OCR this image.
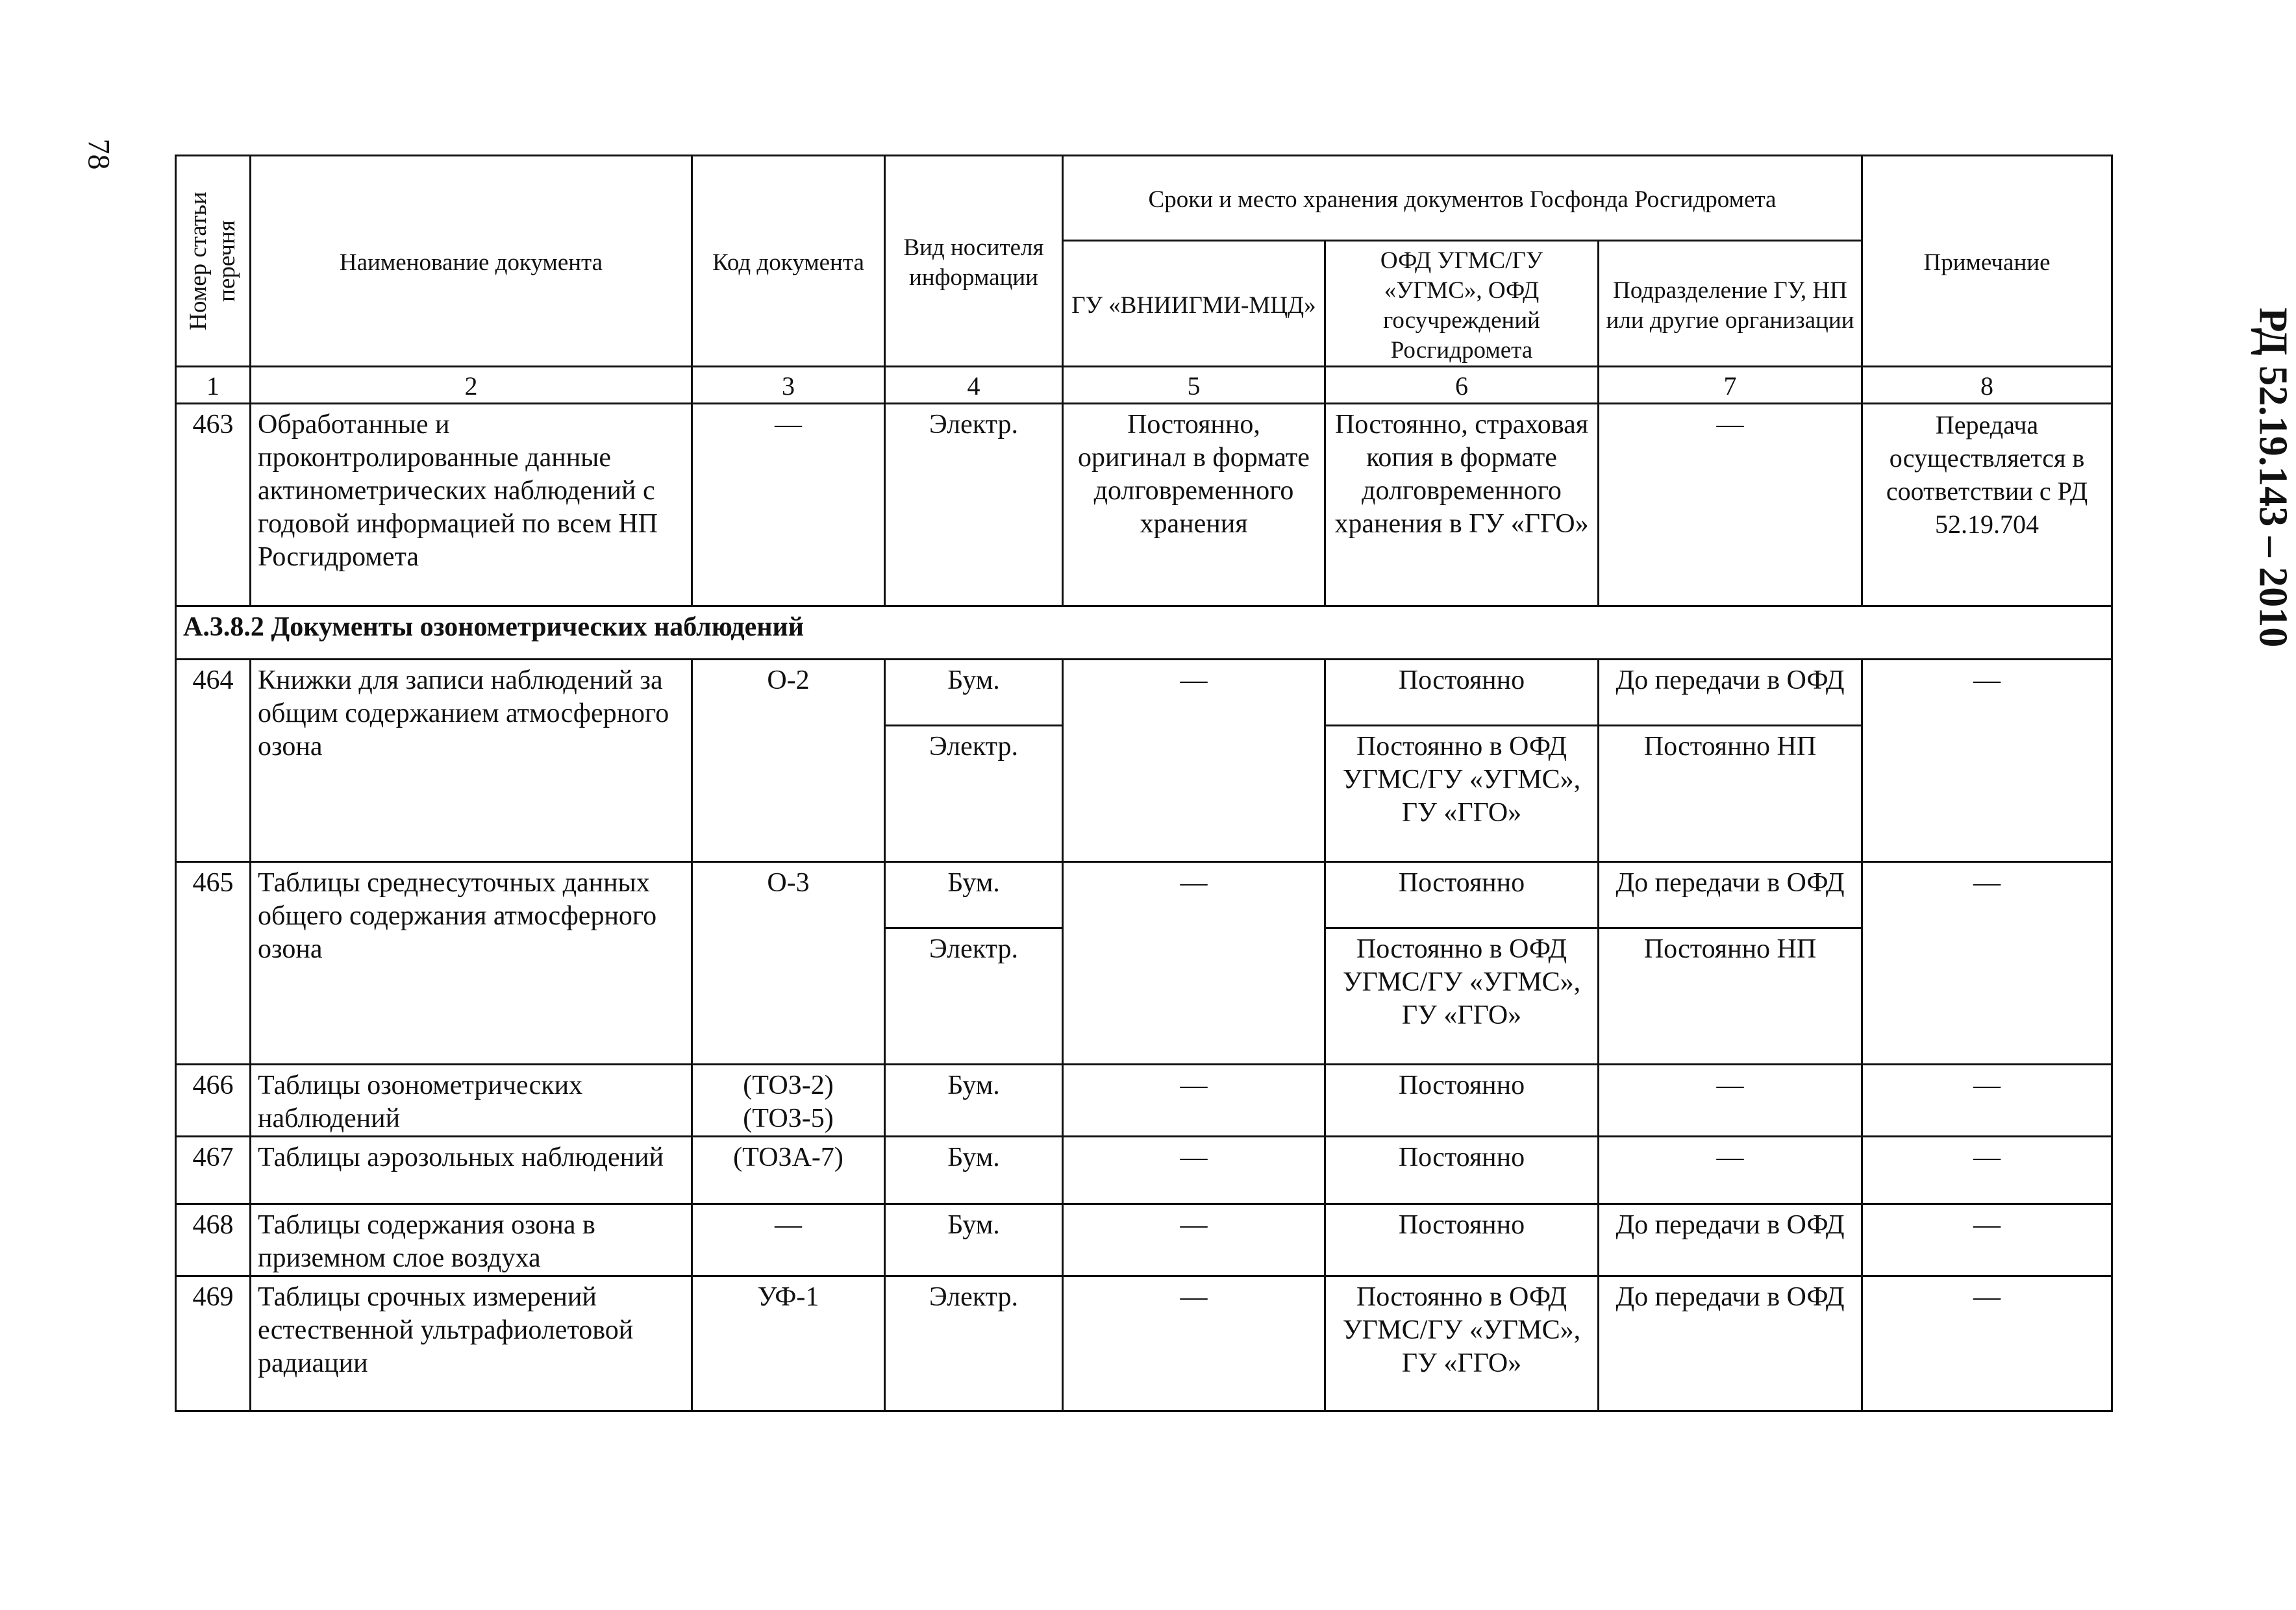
78
РД 52.19.143 – 2010
Номер статьи перечня	Наименование документа	Код документа	Вид носителя информации	Сроки и место хранения документов Госфонда Росгидромета			Примечание
				ГУ «ВНИИГМИ-МЦД»	ОФД УГМС/ГУ «УГМС», ОФД госучреждений Росгидромета	Подразделение ГУ, НП или другие организации	
1	2	3	4	5	6	7	8
463	Обработанные и проконтролированные данные актинометрических наблюдений с годовой информацией по всем НП Росгидромета	—	Электр.	Постоянно, оригинал в формате долговременного хранения	Постоянно, страховая копия в формате долговременного хранения в ГУ «ГГО»	—	Передача осуществляется в соответствии с РД 52.19.704
А.3.8.2 Документы озонометрических наблюдений							
464	Книжки для записи наблюдений за общим содержанием атмосферного озона	О-2	Бум.	—	Постоянно	До передачи в ОФД	—
			Электр.		Постоянно в ОФД УГМС/ГУ «УГМС», ГУ «ГГО»	Постоянно НП	
465	Таблицы среднесуточных данных общего содержания атмосферного озона	О-3	Бум.	—	Постоянно	До передачи в ОФД	—
			Электр.		Постоянно в ОФД УГМС/ГУ «УГМС», ГУ «ГГО»	Постоянно НП	
466	Таблицы озонометрических наблюдений	(ТОЗ-2) (ТОЗ-5)	Бум.	—	Постоянно	—	—
467	Таблицы аэрозольных наблюдений	(ТОЗА-7)	Бум.	—	Постоянно	—	—
468	Таблицы содержания озона в приземном слое воздуха	—	Бум.	—	Постоянно	До передачи в ОФД	—
469	Таблицы срочных измерений естественной ультрафиолетовой радиации	УФ-1	Электр.	—	Постоянно в ОФД УГМС/ГУ «УГМС», ГУ «ГГО»	До передачи в ОФД	—
